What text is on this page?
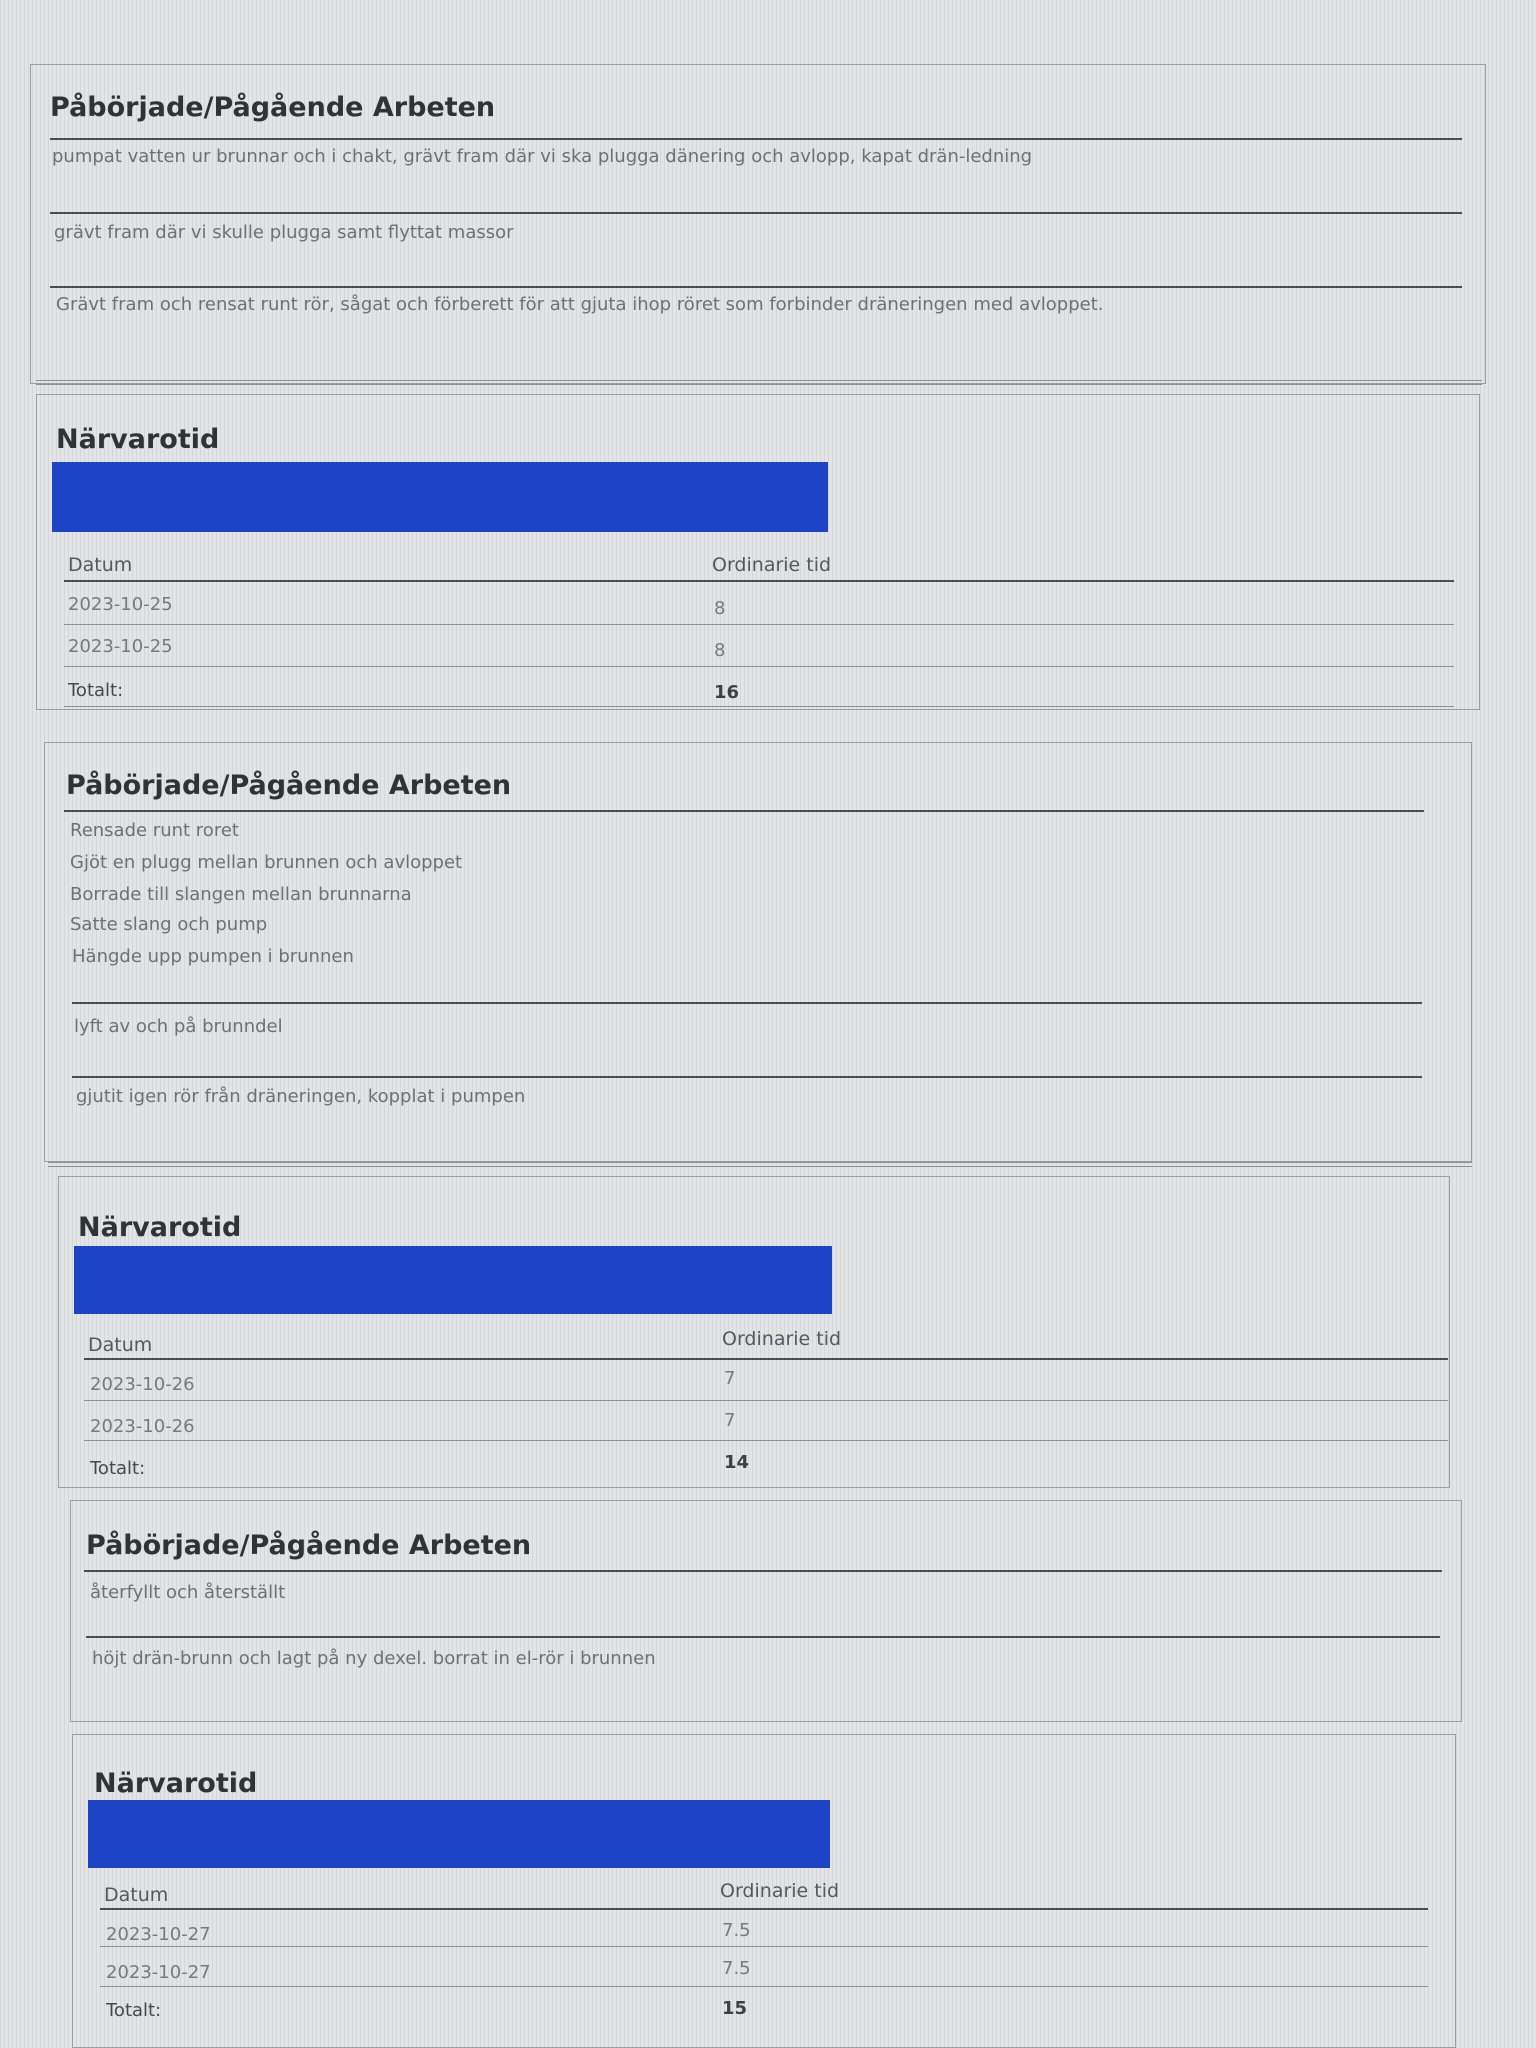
Påbörjade/Pågående Arbeten
pumpat vatten ur brunnar och i chakt, grävt fram där vi ska plugga dänering och avlopp, kapat drän-ledning
grävt fram där vi skulle plugga samt flyttat massor
Grävt fram och rensat runt rör, sågat och förberett för att gjuta ihop röret som forbinder dräneringen med avloppet.
Närvarotid
Datum	Ordinarie tid
2023-10-25	8
2023-10-25	8
Totalt:	16
Påbörjade/Pågående Arbeten
Rensade runt roret
Gjöt en plugg mellan brunnen och avloppet
Borrade till slangen mellan brunnarna
Satte slang och pump
Hängde upp pumpen i brunnen
lyft av och på brunndel
gjutit igen rör från dräneringen, kopplat i pumpen
Närvarotid
Datum	Ordinarie tid
2023-10-26	7
2023-10-26	7
Totalt:	14
Påbörjade/Pågående Arbeten
återfyllt och återställt
höjt drän-brunn och lagt på ny dexel. borrat in el-rör i brunnen
Närvarotid
Datum	Ordinarie tid
2023-10-27	7.5
2023-10-27	7.5
Totalt:	15
